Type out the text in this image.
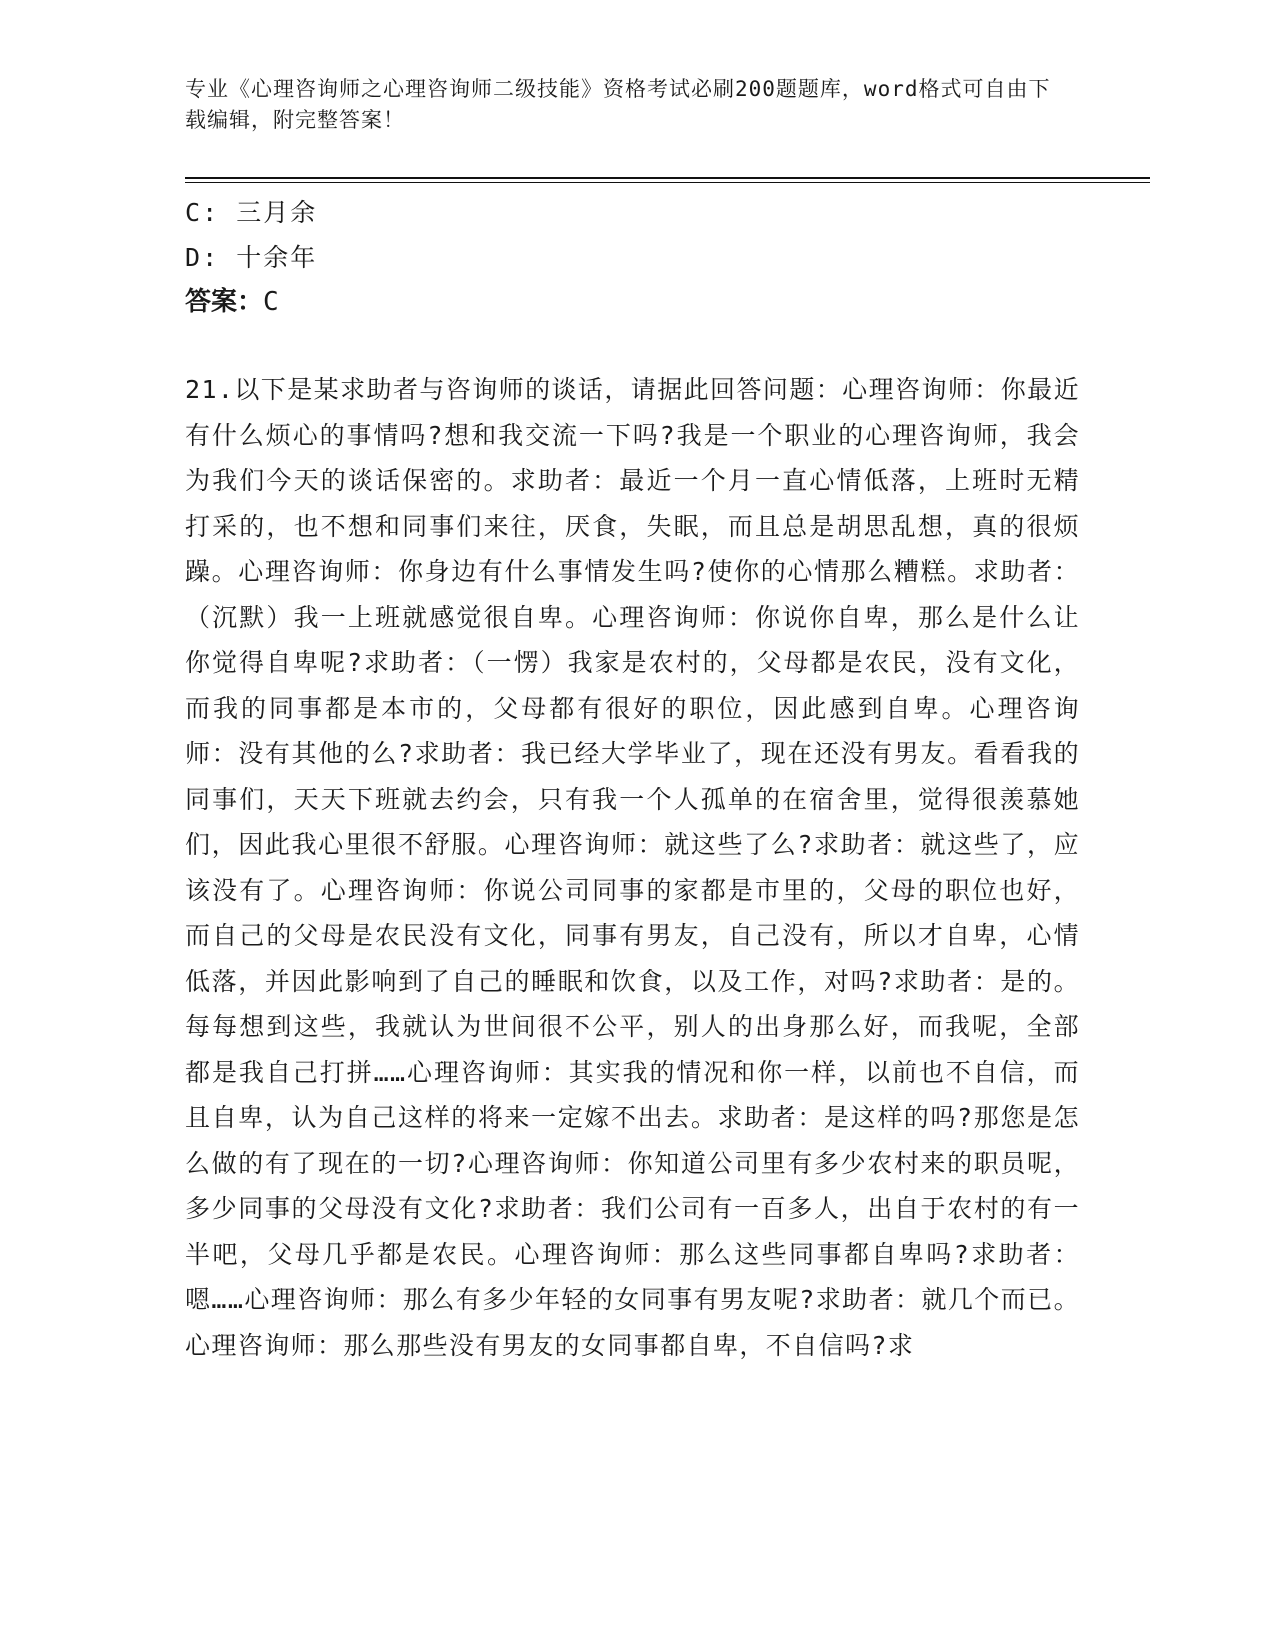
专业《心理咨询师之心理咨询师二级技能》资格考试必刷200题题库，word格式可自由下载编辑，附完整答案！

C: 三月余

D: 十余年

答案：C

21.以下是某求助者与咨询师的谈话，请据此回答问题：心理咨询师：你最近有什么烦心的事情吗?想和我交流一下吗?我是一个职业的心理咨询师，我会为我们今天的谈话保密的。求助者：最近一个月一直心情低落，上班时无精打采的，也不想和同事们来往，厌食，失眠，而且总是胡思乱想，真的很烦躁。心理咨询师：你身边有什么事情发生吗?使你的心情那么糟糕。求助者：（沉默）我一上班就感觉很自卑。心理咨询师：你说你自卑，那么是什么让你觉得自卑呢?求助者：（一愣）我家是农村的，父母都是农民，没有文化，而我的同事都是本市的，父母都有很好的职位，因此感到自卑。心理咨询师：没有其他的么?求助者：我已经大学毕业了，现在还没有男友。看看我的同事们，天天下班就去约会，只有我一个人孤单的在宿舍里，觉得很羡慕她们，因此我心里很不舒服。心理咨询师：就这些了么?求助者：就这些了，应该没有了。心理咨询师：你说公司同事的家都是市里的，父母的职位也好，而自己的父母是农民没有文化，同事有男友，自己没有，所以才自卑，心情低落，并因此影响到了自己的睡眠和饮食，以及工作，对吗?求助者：是的。每每想到这些，我就认为世间很不公平，别人的出身那么好，而我呢，全部都是我自己打拼……心理咨询师：其实我的情况和你一样，以前也不自信，而且自卑，认为自己这样的将来一定嫁不出去。求助者：是这样的吗?那您是怎么做的有了现在的一切?心理咨询师：你知道公司里有多少农村来的职员呢，多少同事的父母没有文化?求助者：我们公司有一百多人，出自于农村的有一半吧，父母几乎都是农民。心理咨询师：那么这些同事都自卑吗?求助者：嗯……心理咨询师：那么有多少年轻的女同事有男友呢?求助者：就几个而已。心理咨询师：那么那些没有男友的女同事都自卑，不自信吗?求
